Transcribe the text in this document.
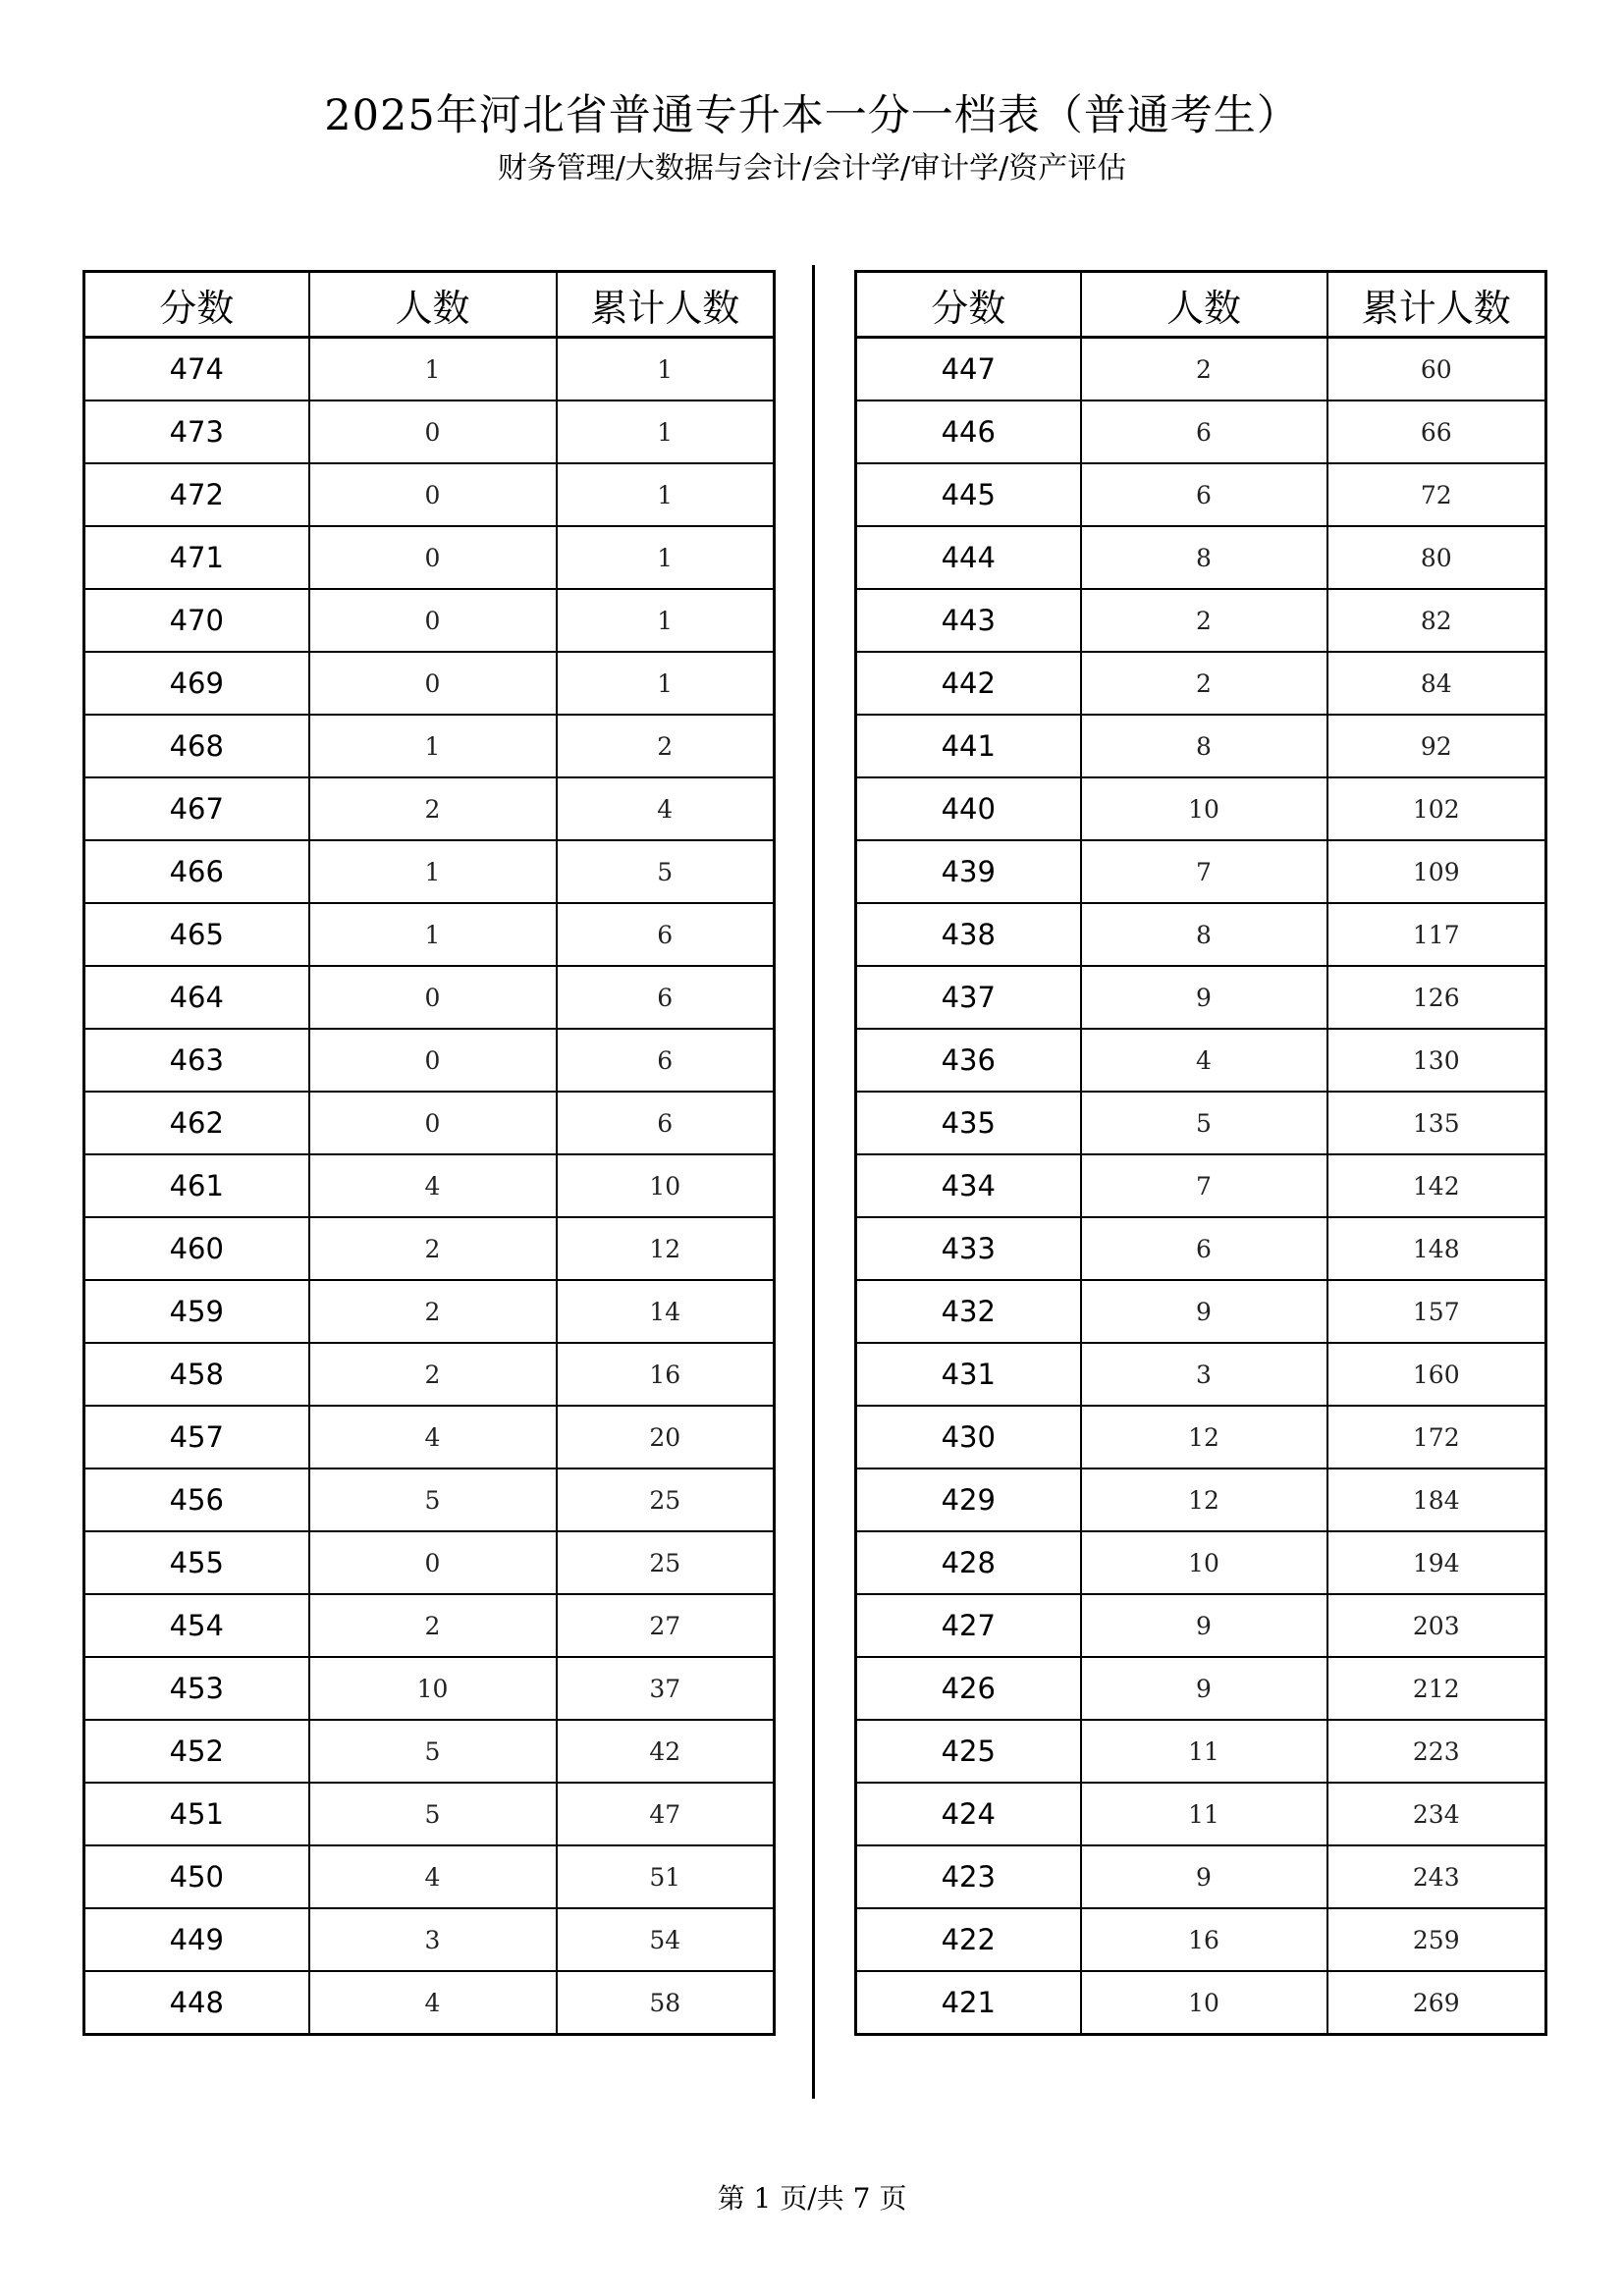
2025年河北省普通专升本一分一档表（普通考生）
财务管理/大数据与会计/会计学/审计学/资产评估
分数	人数	累计人数
474	1	1
473	0	1
472	0	1
471	0	1
470	0	1
469	0	1
468	1	2
467	2	4
466	1	5
465	1	6
464	0	6
463	0	6
462	0	6
461	4	10
460	2	12
459	2	14
458	2	16
457	4	20
456	5	25
455	0	25
454	2	27
453	10	37
452	5	42
451	5	47
450	4	51
449	3	54
448	4	58
分数	人数	累计人数
447	2	60
446	6	66
445	6	72
444	8	80
443	2	82
442	2	84
441	8	92
440	10	102
439	7	109
438	8	117
437	9	126
436	4	130
435	5	135
434	7	142
433	6	148
432	9	157
431	3	160
430	12	172
429	12	184
428	10	194
427	9	203
426	9	212
425	11	223
424	11	234
423	9	243
422	16	259
421	10	269
第 1 页/共 7 页
